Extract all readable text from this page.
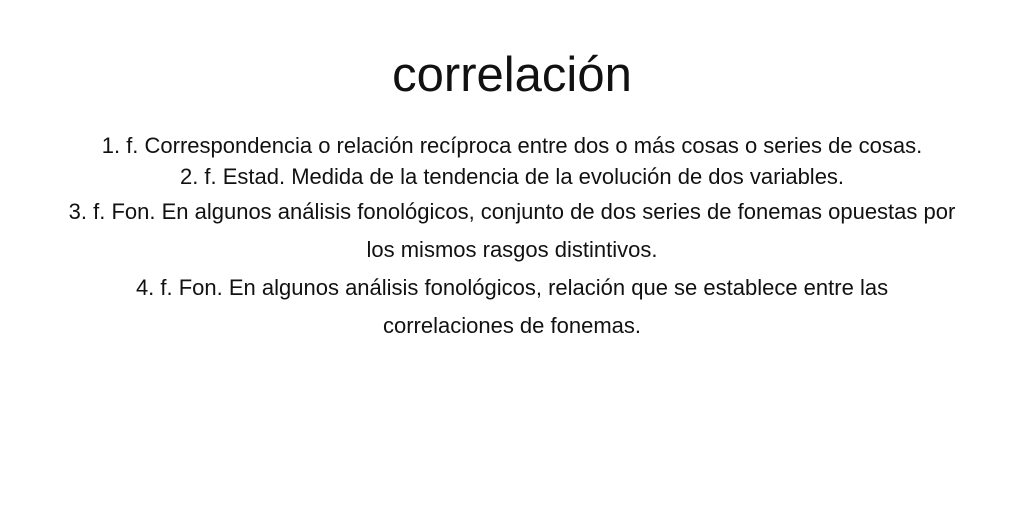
correlación
1. f. Correspondencia o relación recíproca entre dos o más cosas o series de cosas.
2. f. Estad. Medida de la tendencia de la evolución de dos variables.
3. f. Fon. En algunos análisis fonológicos, conjunto de dos series de fonemas opuestas por los mismos rasgos distintivos.
4. f. Fon. En algunos análisis fonológicos, relación que se establece entre las correlaciones de fonemas.
